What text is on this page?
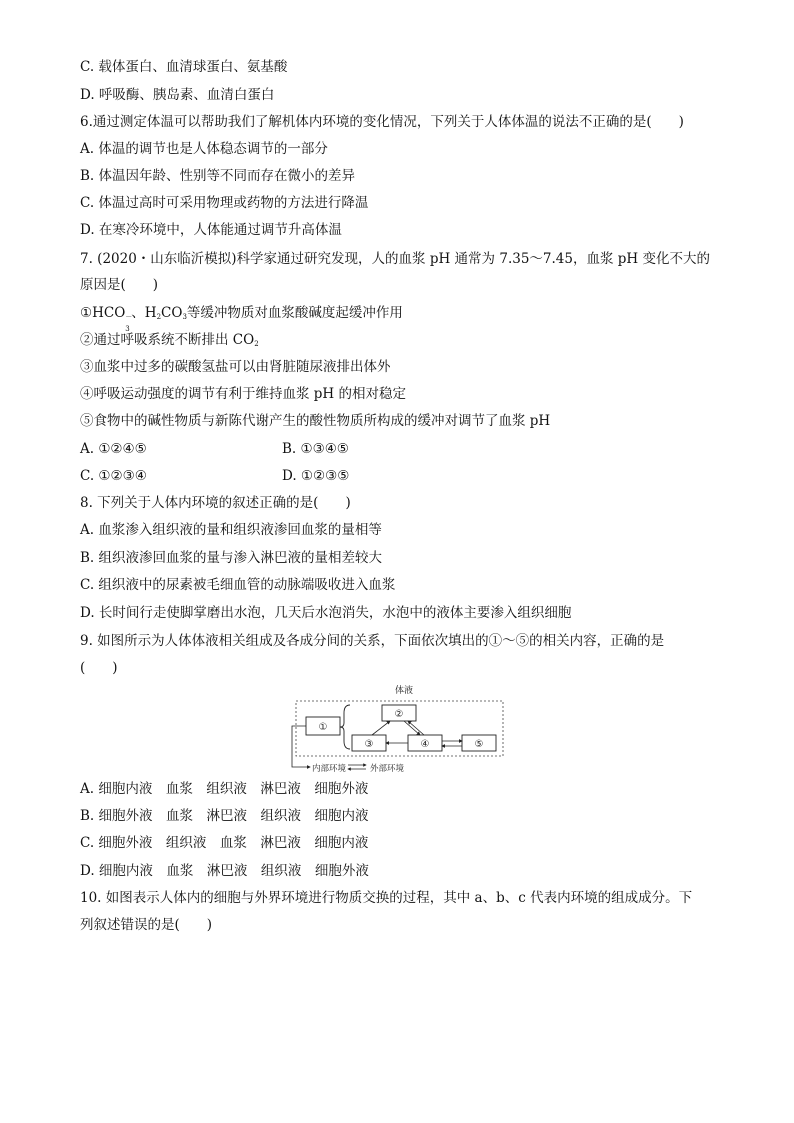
C. 载体蛋白、血清球蛋白、氨基酸
D. 呼吸酶、胰岛素、血清白蛋白
6.通过测定体温可以帮助我们了解机体内环境的变化情况，下列关于人体体温的说法不正确的是(　　)
A. 体温的调节也是人体稳态调节的一部分
B. 体温因年龄、性别等不同而存在微小的差异
C. 体温过高时可采用物理或药物的方法进行降温
D. 在寒冷环境中，人体能通过调节升高体温
7. (2020・山东临沂模拟)科学家通过研究发现，人的血浆 pH 通常为 7.35～7.45，血浆 pH 变化不大的
原因是(　　)
①HCO －
3
、$H_2CO_3$等缓冲物质对血浆酸碱度起缓冲作用
②通过呼吸系统不断排出 $CO_2$
③血浆中过多的碳酸氢盐可以由肾脏随尿液排出体外
④呼吸运动强度的调节有利于维持血浆 pH 的相对稳定
⑤食物中的碱性物质与新陈代谢产生的酸性物质所构成的缓冲对调节了血浆 pH
A. ①②④⑤	B. ①③④⑤
C. ①②③④	D. ①②③⑤
8. 下列关于人体内环境的叙述正确的是(　　)
A. 血浆渗入组织液的量和组织液渗回血浆的量相等
B. 组织液渗回血浆的量与渗入淋巴液的量相差较大
C. 组织液中的尿素被毛细血管的动脉端吸收进入血浆
D. 长时间行走使脚掌磨出水泡，几天后水泡消失，水泡中的液体主要渗入组织细胞
9. 如图所示为人体体液相关组成及各成分间的关系，下面依次填出的①～⑤的相关内容，正确的是
(　　)
体液
①
②
③	④	⑤
内部环境	外部环境
A. 细胞内液　血浆　组织液　淋巴液　细胞外液
B. 细胞外液　血浆　淋巴液　组织液　细胞内液
C. 细胞外液　组织液　血浆　淋巴液　细胞内液
D. 细胞内液　血浆　淋巴液　组织液　细胞外液
10. 如图表示人体内的细胞与外界环境进行物质交换的过程，其中 a、b、c 代表内环境的组成成分。下
列叙述错误的是(　　)
